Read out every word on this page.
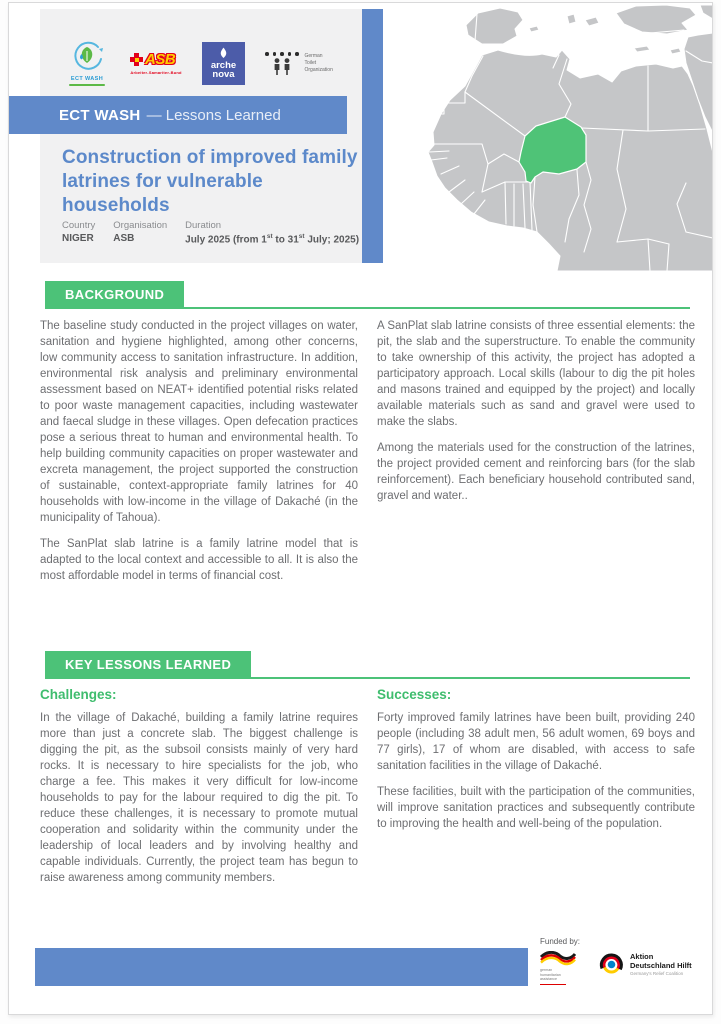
ECT WASH
ASB
Arbeiter-Samariter-Bund
arche
nova
German
Toilet
Organization
ECT WASH — Lessons Learned
Construction of improved family latrines for vulnerable households
Country
NIGER
Organisation
ASB
Duration
July 2025 (from 1st to 31st July; 2025)
BACKGROUND

The baseline study conducted in the project villages on water, sanitation and hygiene highlighted, among other concerns, low community access to sanitation infrastructure. In addition, environmental risk analysis and preliminary environmental assessment based on NEAT+ identified potential risks related to poor waste management capacities, including wastewater and faecal sludge in these villages. Open defecation practices pose a serious threat to human and environmental health. To help building community capacities on proper wastewater and excreta management, the project supported the construction of sustainable, context-appropriate family latrines for 40 households with low-income in the village of Dakaché (in the municipality of Tahoua).

The SanPlat slab latrine is a family latrine model that is adapted to the local context and accessible to all. It is also the most affordable model in terms of financial cost.

A SanPlat slab latrine consists of three essential elements: the pit, the slab and the superstructure. To enable the community to take ownership of this activity, the project has adopted a participatory approach. Local skills (labour to dig the pit holes and masons trained and equipped by the project) and locally available materials such as sand and gravel were used to make the slabs.

Among the materials used for the construction of the latrines, the project provided cement and reinforcing bars (for the slab reinforcement). Each beneficiary household contributed sand, gravel and water..

KEY LESSONS LEARNED
Challenges:

In the village of Dakaché, building a family latrine requires more than just a concrete slab. The biggest challenge is digging the pit, as the subsoil consists mainly of very hard rocks. It is necessary to hire specialists for the job, who charge a fee. This makes it very difficult for low-income households to pay for the labour required to dig the pit. To reduce these challenges, it is necessary to promote mutual cooperation and solidarity within the community under the leadership of local leaders and by involving healthy and capable individuals. Currently, the project team has begun to raise awareness among community members.

Successes:

Forty improved family latrines have been built, providing 240 people (including 38 adult men, 56 adult women, 69 boys and 77 girls), 17 of whom are disabled, with access to safe sanitation facilities in the village of Dakaché.

These facilities, built with the participation of the communities, will improve sanitation practices and subsequently contribute to improving the health and well-being of the population.

Funded by:
german
humanitarian
assistance
Aktion
Deutschland Hilft
Germany's Relief Coalition
